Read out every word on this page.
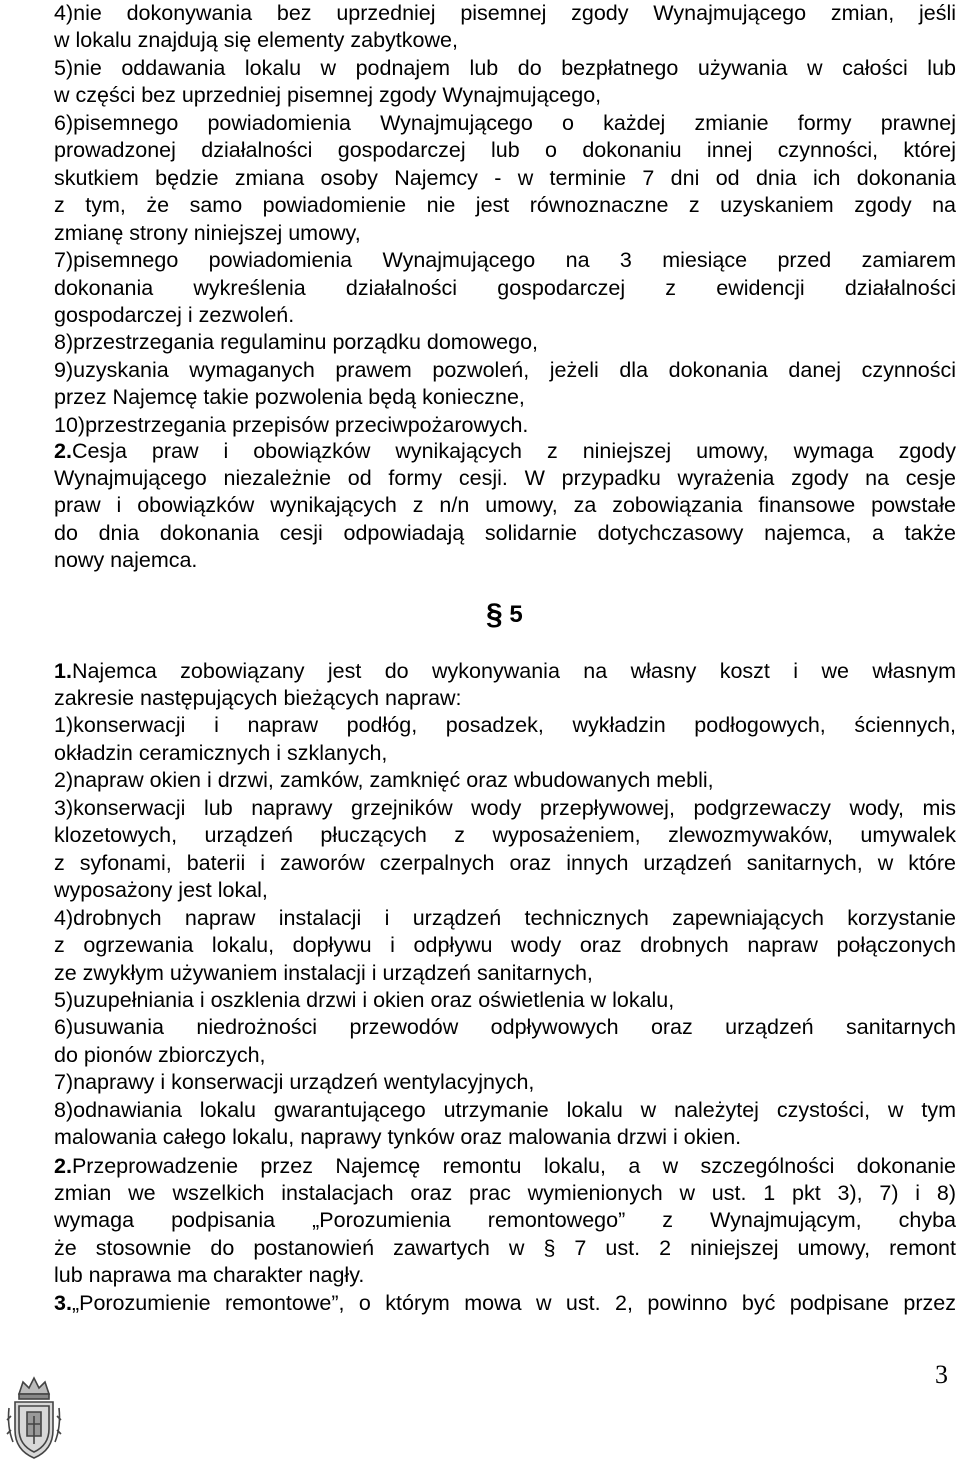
4)nie dokonywania bez uprzedniej pisemnej zgody Wynajmującego zmian, jeśli
w lokalu znajdują się elementy zabytkowe,
5)nie oddawania lokalu w podnajem lub do bezpłatnego używania w całości lub
w części bez uprzedniej pisemnej zgody Wynajmującego,
6)pisemnego powiadomienia Wynajmującego o każdej zmianie formy prawnej
prowadzonej działalności gospodarczej lub o dokonaniu innej czynności, której
skutkiem będzie zmiana osoby Najemcy - w terminie 7 dni od dnia ich dokonania
z tym, że samo powiadomienie nie jest równoznaczne z uzyskaniem zgody na
zmianę strony niniejszej umowy,
7)pisemnego powiadomienia Wynajmującego na 3 miesiące przed zamiarem
dokonania wykreślenia działalności gospodarczej z ewidencji działalności
gospodarczej i zezwoleń.
8)przestrzegania regulaminu porządku domowego,
9)uzyskania wymaganych prawem pozwoleń, jeżeli dla dokonania danej czynności
przez Najemcę takie pozwolenia będą konieczne,
10)przestrzegania przepisów przeciwpożarowych.
2.Cesja praw i obowiązków wynikających z niniejszej umowy, wymaga zgody
Wynajmującego niezależnie od formy cesji. W przypadku wyrażenia zgody na cesje
praw i obowiązków wynikających z n/n umowy, za zobowiązania finansowe powstałe
do dnia dokonania cesji odpowiadają solidarnie dotychczasowy najemca, a także
nowy najemca.
§ 5
1.Najemca zobowiązany jest do wykonywania na własny koszt i we własnym
zakresie następujących bieżących napraw:
1)konserwacji i napraw podłóg, posadzek, wykładzin podłogowych, ściennych,
okładzin ceramicznych i szklanych,
2)napraw okien i drzwi, zamków, zamknięć oraz wbudowanych mebli,
3)konserwacji lub naprawy grzejników wody przepływowej, podgrzewaczy wody, mis
klozetowych, urządzeń płuczących z wyposażeniem, zlewozmywaków, umywalek
z syfonami, baterii i zaworów czerpalnych oraz innych urządzeń sanitarnych, w które
wyposażony jest lokal,
4)drobnych napraw instalacji i urządzeń technicznych zapewniających korzystanie
z ogrzewania lokalu, dopływu i odpływu wody oraz drobnych napraw połączonych
ze zwykłym używaniem instalacji i urządzeń sanitarnych,
5)uzupełniania i oszklenia drzwi i okien oraz oświetlenia w lokalu,
6)usuwania niedrożności przewodów odpływowych oraz urządzeń sanitarnych
do pionów zbiorczych,
7)naprawy i konserwacji urządzeń wentylacyjnych,
8)odnawiania lokalu gwarantującego utrzymanie lokalu w należytej czystości, w tym
malowania całego lokalu, naprawy tynków oraz malowania drzwi i okien.
2.Przeprowadzenie przez Najemcę remontu lokalu, a w szczególności dokonanie
zmian we wszelkich instalacjach oraz prac wymienionych w ust. 1 pkt 3), 7) i 8)
wymaga podpisania „Porozumienia remontowego” z Wynajmującym, chyba
że stosownie do postanowień zawartych w § 7 ust. 2 niniejszej umowy, remont
lub naprawa ma charakter nagły.
3.„Porozumienie remontowe”, o którym mowa w ust. 2, powinno być podpisane przez
3
